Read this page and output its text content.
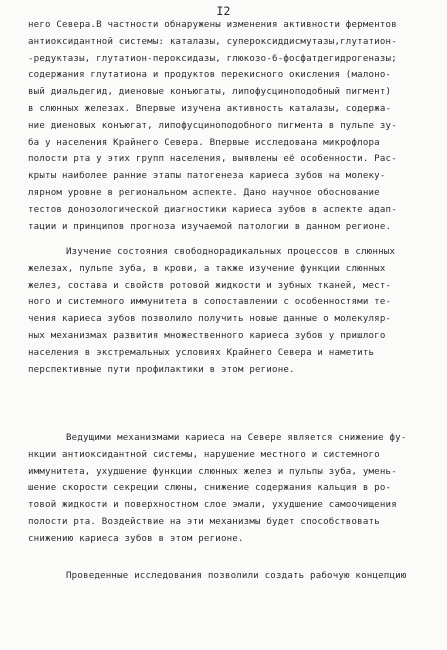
I2
него Севера.В частности обнаружены изменения активности ферментов
антиоксидантной системы: каталазы, супероксиддисмутазы,глутатион-
-редуктазы, глутатион-пероксидазы, глюкозо-6-фосфатдегидрогеназы;
содержания глутатиона и продуктов перекисного окисления (малоно-
вый диальдегид, диеновые конъюгаты, липофусциноподобный пигмент)
в слюнных железах. Впервые изучена активность каталазы, содержа-
ние диеновых конъюгат, липофусциноподобного пигмента в пульпе зу-
ба у населения Крайнего Севера. Впервые исследована микрофлора
полости рта у этих групп населения, выявлены её особенности. Рас-
крыты наиболее ранние этапы патогенеза кариеса зубов на молеку-
лярном уровне в региональном аспекте. Дано научное обоснование
тестов донозологической диагностики кариеса зубов в аспекте адап-
тации и принципов прогноза изучаемой патологии в данном регионе.
Изучение состояния свободнорадикальных процессов в слюнных
железах, пульпе зуба, в крови, а также изучение функции слюнных
желез, состава и свойств ротовой жидкости и зубных тканей, мест-
ного и системного иммунитета в сопоставлении с особенностями те-
чения кариеса зубов позволило получить новые данные о молекуляр-
ных механизмах развития множественного кариеса зубов у пришлого
населения в экстремальных условиях Крайнего Севера и наметить
перспективные пути профилактики в этом регионе.
Ведущими механизмами кариеса на Севере является снижение фу-
нкции антиоксидантной системы, нарушение местного и системного
иммунитета, ухудшение функции слюнных желез и пульпы зуба, умень-
шение скорости секреции слюны, снижение содержания кальция в ро-
товой жидкости и поверхностном слое эмали, ухудшение самоочищения
полости рта. Воздействие на эти механизмы будет способствовать
снижению кариеса зубов в этом регионе.
Проведенные исследования позволили создать рабочую концепцию
